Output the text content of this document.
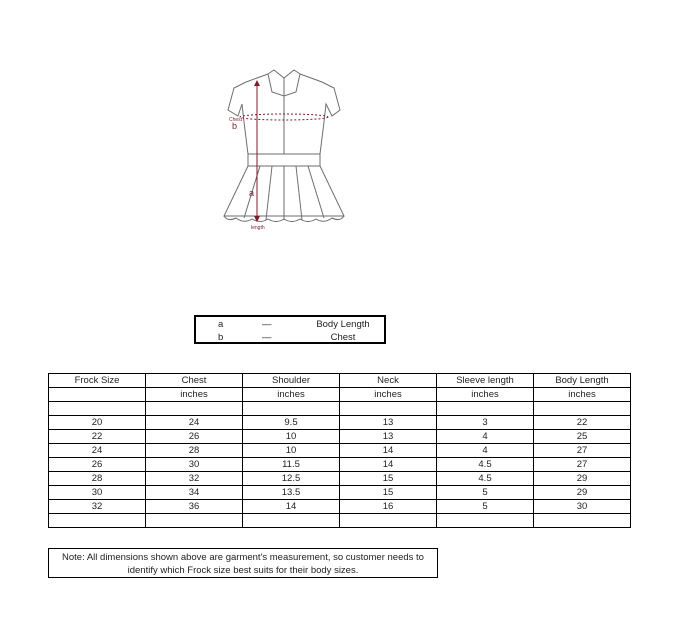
Chest
b
a
length
a	—	Body Length
b	—	Chest
Frock Size	Chest	Shoulder	Neck	Sleeve length	Body Length
	inches	inches	inches	inches	inches

20	24	9.5	13	3	22
22	26	10	13	4	25
24	28	10	14	4	27
26	30	11.5	14	4.5	27
28	32	12.5	15	4.5	29
30	34	13.5	15	5	29
32	36	14	16	5	30

Note: All dimensions shown above are garment's measurement, so customer needs to
identify which Frock size best suits for their body sizes.
